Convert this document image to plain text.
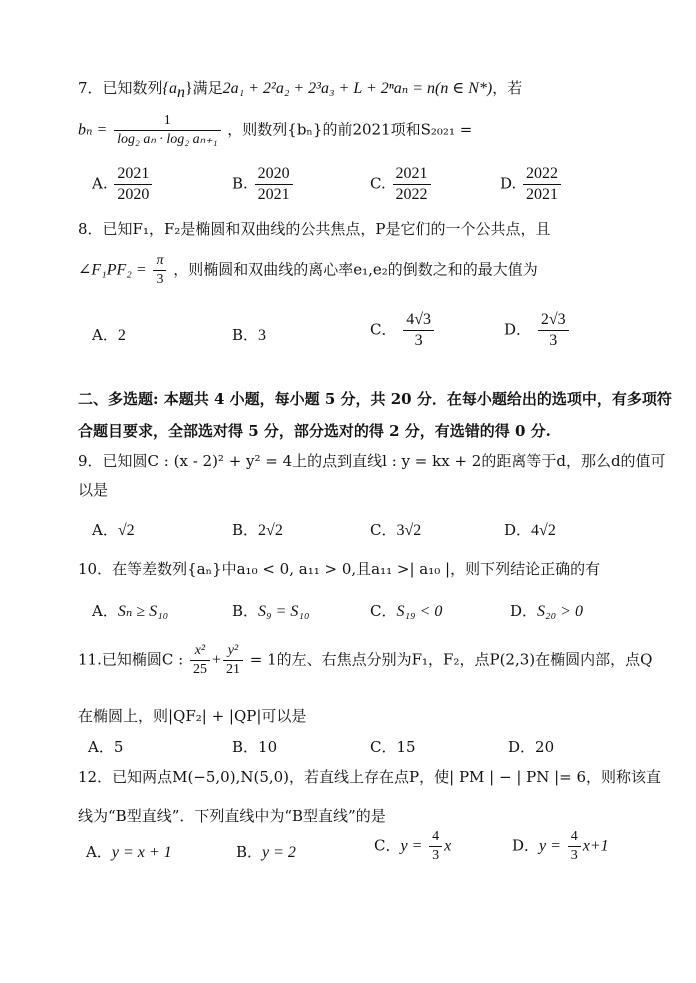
7．已知数列$\{a_n\}$满足2a₁ + 2²a₂ + 2³a₃ + L + 2ⁿaₙ = n(n ∈ N*)，若
$b_n = \frac{1}{\text{log₂ aₙ · log₂ aₙ₊₁}}$ ，则数列{bₙ}的前2021项和S₂₀₂₁ =
A. $\frac{2021}{2020}$	B. $\frac{2020}{2021}$	C. $\frac{2021}{2022}$	D. $\frac{2022}{2021}$
8．已知F₁，F₂是椭圆和双曲线的公共焦点，P是它们的一个公共点，且
∠F₁PF₂ = $\frac{\pi}{3}$ ，则椭圆和双曲线的离心率e₁,e₂的倒数之和的最大值为
A．2	B．3	C． $\frac{4√3}{3}$	D． $\frac{2√3}{3}$
二、多选题: 本题共 4 小题，每小题 5 分，共 20 分．在每小题给出的选项中，有多项符
合题目要求，全部选对得 5 分，部分选对的得 2 分，有选错的得 0 分.
9．已知圆C : (x - 2)² + y² = 4上的点到直线l : y = kx + 2的距离等于d，那么d的值可
以是
A．√2	B．2√2	C．3√2	D．4√2
10．在等差数列{aₙ}中a₁₀ < 0, a₁₁ > 0,且a₁₁ >| a₁₀ |，则下列结论正确的有
A．Sₙ ≥ S₁₀	B．S₉ = S₁₀	C．S₁₉ < 0	D．S₂₀ > 0
11.已知椭圆C : $\frac{\text{x²}}{25} + \frac{\text{y²}}{21} = 1$的左、右焦点分别为F₁，F₂，点P(2,3)在椭圆内部，点Q
在椭圆上，则|QF₂| + |QP|可以是
A．5	B．10	C．15	D．20
12．已知两点M(−5,0),N(5,0)，若直线上存在点P，使| PM | − | PN |= 6，则称该直
线为“B型直线”．下列直线中为“B型直线”的是
A．y = x + 1	B．y = 2	C．$y = \frac{4}{3}$ x	D．$y = \frac{4}{3} x+1$
